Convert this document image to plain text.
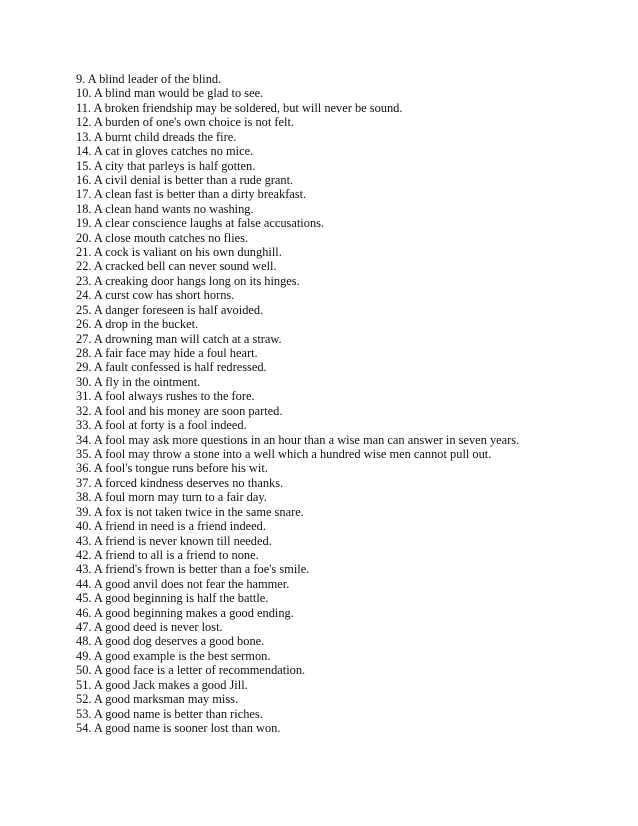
9. A blind leader of the blind.
10. A blind man would be glad to see.
11. A broken friendship may be soldered, but will never be sound.
12. A burden of one's own choice is not felt.
13. A burnt child dreads the fire.
14. A cat in gloves catches no mice.
15. A city that parleys is half gotten.
16. A civil denial is better than a rude grant.
17. A clean fast is better than a dirty breakfast.
18. A clean hand wants no washing.
19. A clear conscience laughs at false accusations.
20. A close mouth catches no flies.
21. A cock is valiant on his own dunghill.
22. A cracked bell can never sound well.
23. A creaking door hangs long on its hinges.
24. A curst cow has short horns.
25. A danger foreseen is half avoided.
26. A drop in the bucket.
27. A drowning man will catch at a straw.
28. A fair face may hide a foul heart.
29. A fault confessed is half redressed.
30. A fly in the ointment.
31. A fool always rushes to the fore.
32. A fool and his money are soon parted.
33. A fool at forty is a fool indeed.
34. A fool may ask more questions in an hour than a wise man can answer in seven years.
35. A fool may throw a stone into a well which a hundred wise men cannot pull out.
36. A fool's tongue runs before his wit.
37. A forced kindness deserves no thanks.
38. A foul morn may turn to a fair day.
39. A fox is not taken twice in the same snare.
40. A friend in need is a friend indeed.
43. A friend is never known till needed.
42. A friend to all is a friend to none.
43. A friend's frown is better than a foe's smile.
44. A good anvil does not fear the hammer.
45. A good beginning is half the battle.
46. A good beginning makes a good ending.
47. A good deed is never lost.
48. A good dog deserves a good bone.
49. A good example is the best sermon.
50. A good face is a letter of recommendation.
51. A good Jack makes a good Jill.
52. A good marksman may miss.
53. A good name is better than riches.
54. A good name is sooner lost than won.
